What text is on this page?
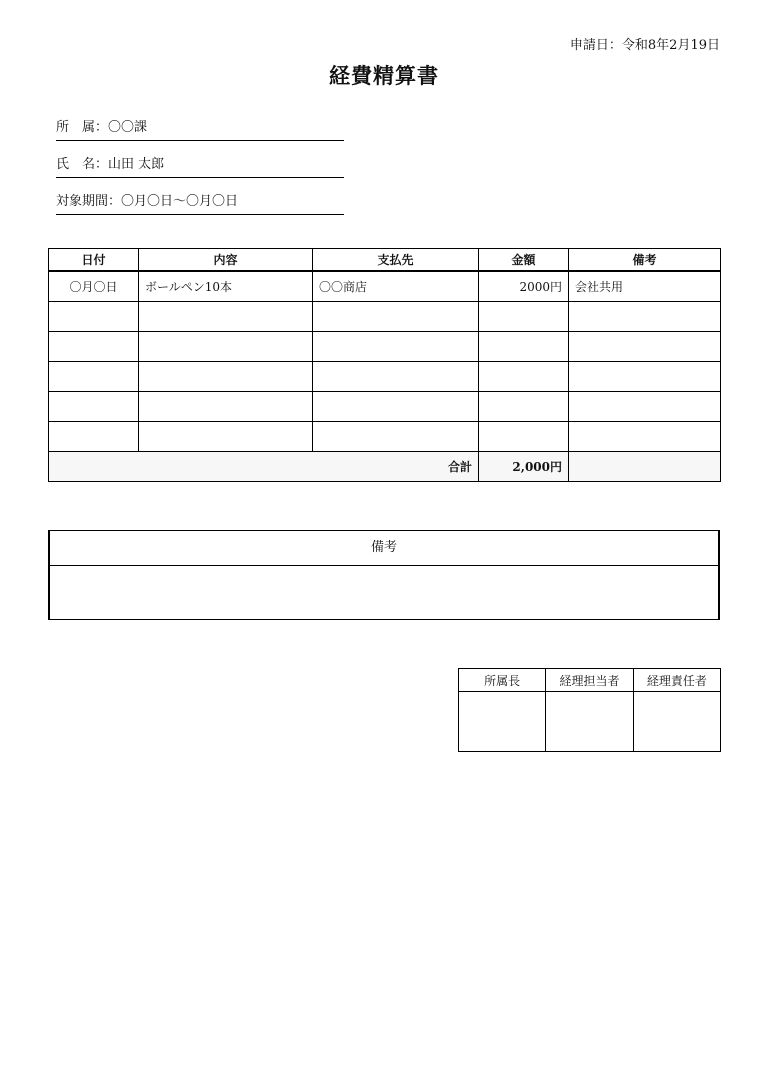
申請日：令和8年2月19日
経費精算書
所　属：〇〇課
氏　名：山田 太郎
対象期間：〇月〇日～〇月〇日
日付	内容	支払先	金額	備考
〇月〇日	ボールペン10本	〇〇商店	2000円	会社共用

合計			2,000円	
備考
所属長	経理担当者	経理責任者
